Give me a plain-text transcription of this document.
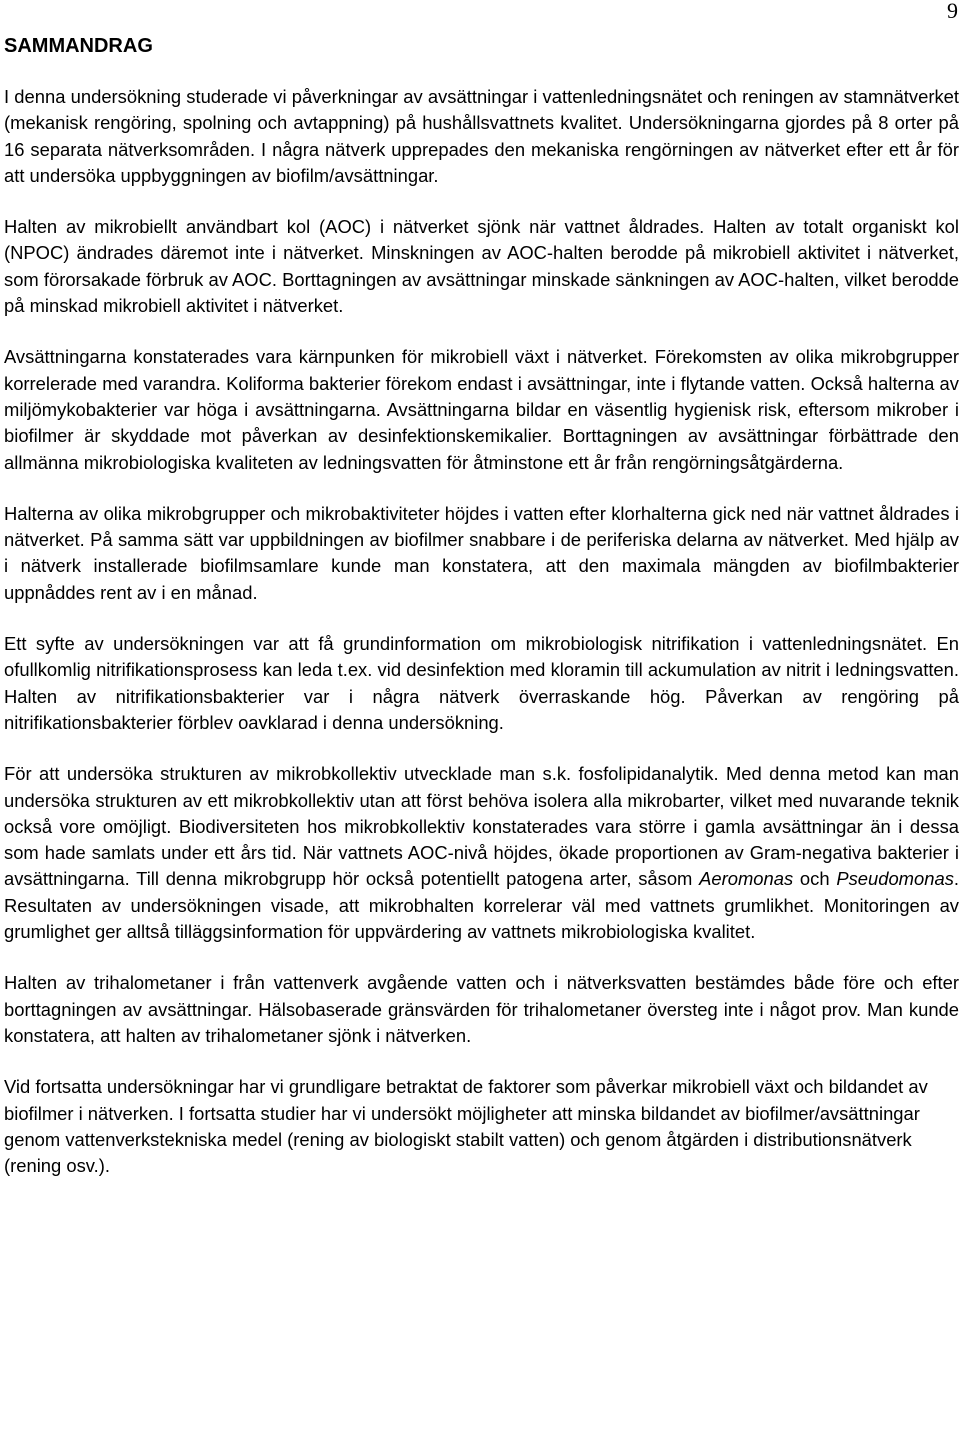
9
SAMMANDRAG

I denna undersökning studerade vi påverkningar av avsättningar i vattenledningsnätet och reningen av stamnätverket (mekanisk rengöring, spolning och avtappning) på hushållsvattnets kvalitet. Undersökningarna gjordes på 8 orter på 16 separata nätverksområden. I några nätverk upprepades den mekaniska rengörningen av nätverket efter ett år för att undersöka uppbyggningen av biofilm/avsättningar.

Halten av mikrobiellt användbart kol (AOC) i nätverket sjönk när vattnet åldrades. Halten av totalt organiskt kol (NPOC) ändrades däremot inte i nätverket. Minskningen av AOC-halten berodde på mikrobiell aktivitet i nätverket, som förorsakade förbruk av AOC. Borttagningen av avsättningar minskade sänkningen av AOC-halten, vilket berodde på minskad mikrobiell aktivitet i nätverket.

Avsättningarna konstaterades vara kärnpunken för mikrobiell växt i nätverket. Förekomsten av olika mikrobgrupper korrelerade med varandra. Koliforma bakterier förekom endast i avsättningar, inte i flytande vatten. Också halterna av miljömykobakterier var höga i avsättningarna. Avsättningarna bildar en väsentlig hygienisk risk, eftersom mikrober i biofilmer är skyddade mot påverkan av desinfektionskemikalier. Borttagningen av avsättningar förbättrade den allmänna mikrobiologiska kvaliteten av ledningsvatten för åtminstone ett år från rengörningsåtgärderna.

Halterna av olika mikrobgrupper och mikrobaktiviteter höjdes i vatten efter klorhalterna gick ned när vattnet åldrades i nätverket. På samma sätt var uppbildningen av biofilmer snabbare i de periferiska delarna av nätverket. Med hjälp av i nätverk installerade biofilmsamlare kunde man konstatera, att den maximala mängden av biofilmbakterier uppnåddes rent av i en månad.

Ett syfte av undersökningen var att få grundinformation om mikrobiologisk nitrifikation i vattenledningsnätet. En ofullkomlig nitrifikationsprosess kan leda t.ex. vid desinfektion med kloramin till ackumulation av nitrit i ledningsvatten. Halten av nitrifikationsbakterier var i några nätverk överraskande hög. Påverkan av rengöring på nitrifikationsbakterier förblev oavklarad i denna undersökning.

För att undersöka strukturen av mikrobkollektiv utvecklade man s.k. fosfolipidanalytik. Med denna metod kan man undersöka strukturen av ett mikrobkollektiv utan att först behöva isolera alla mikrobarter, vilket med nuvarande teknik också vore omöjligt. Biodiversiteten hos mikrobkollektiv konstaterades vara större i gamla avsättningar än i dessa som hade samlats under ett års tid. När vattnets AOC-nivå höjdes, ökade proportionen av Gram-negativa bakterier i avsättningarna. Till denna mikrobgrupp hör också potentiellt patogena arter, såsom Aeromonas och Pseudomonas. Resultaten av undersökningen visade, att mikrobhalten korrelerar väl med vattnets grumlikhet. Monitoringen av grumlighet ger alltså tilläggsinformation för uppvärdering av vattnets mikrobiologiska kvalitet.

Halten av trihalometaner i från vattenverk avgående vatten och i nätverksvatten bestämdes både före och efter borttagningen av avsättningar. Hälsobaserade gränsvärden för trihalometaner översteg inte i något prov. Man kunde konstatera, att halten av trihalometaner sjönk i nätverken.

Vid fortsatta undersökningar har vi grundligare betraktat de faktorer som påverkar mikrobiell växt och bildandet av biofilmer i nätverken. I fortsatta studier har vi undersökt möjligheter att minska bildandet av biofilmer/avsättningar genom vattenverkstekniska medel (rening av biologiskt stabilt vatten) och genom åtgärden i distributionsnätverk (rening osv.).
